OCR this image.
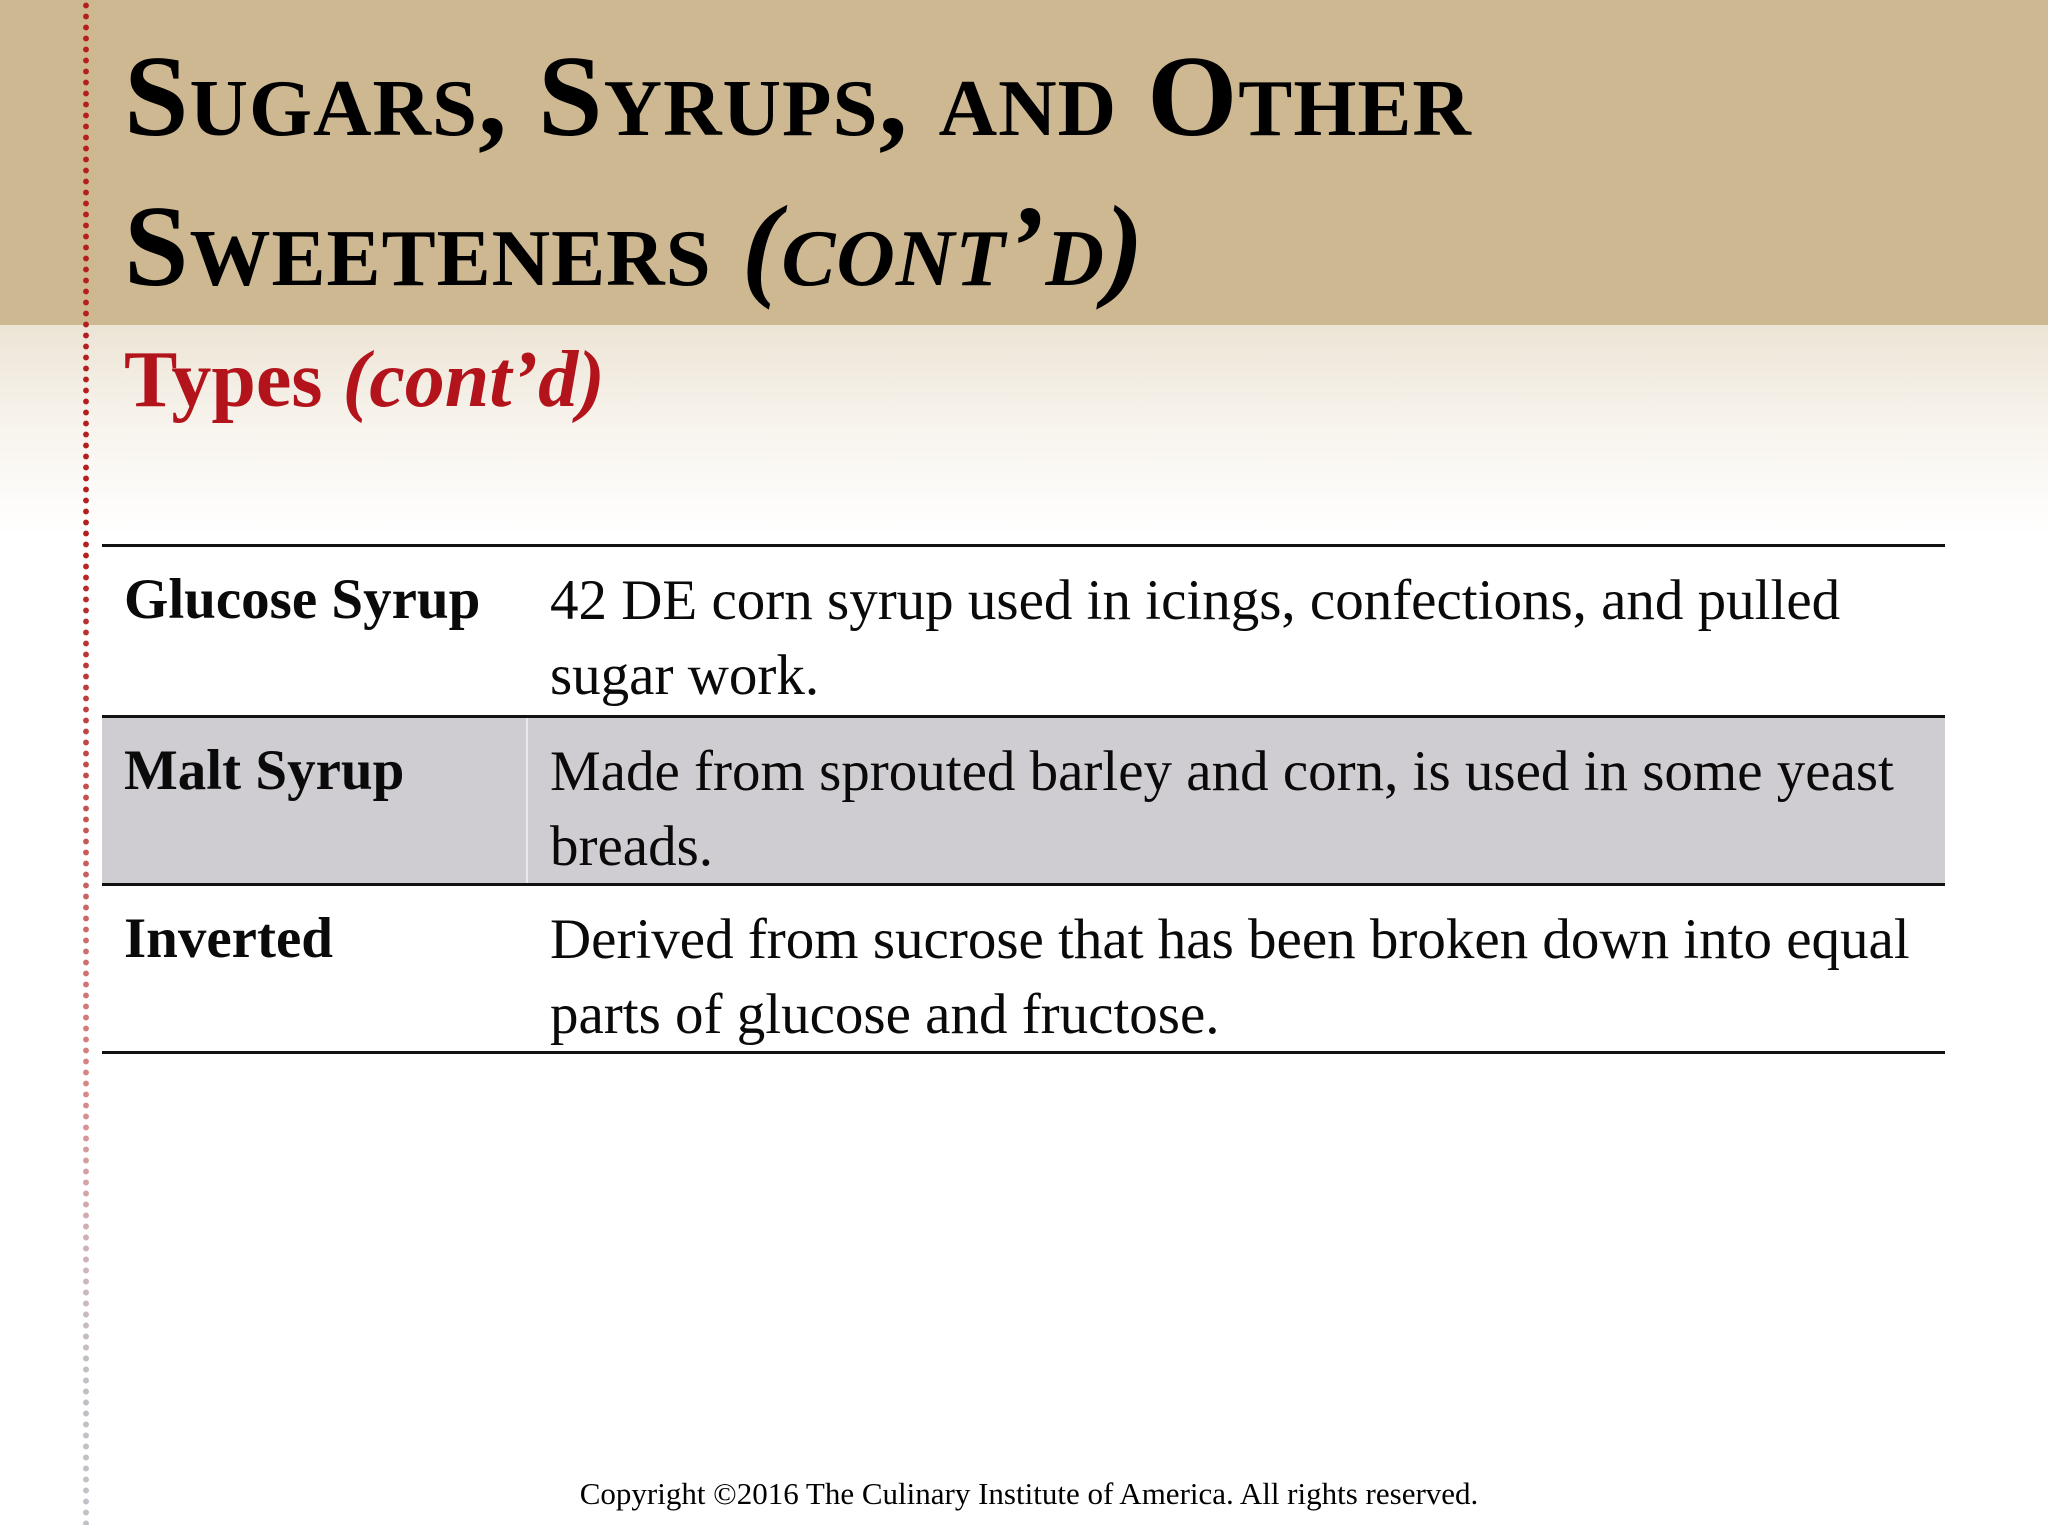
Sugars, Syrups, and Other
Sweeteners (cont’d)
Types (cont’d)
Glucose Syrup	42 DE corn syrup used in icings, confections, and pulled sugar work.
Malt Syrup	Made from sprouted barley and corn, is used in some yeast breads.
Inverted	Derived from sucrose that has been broken down into equal parts of glucose and fructose.
Copyright ©2016 The Culinary Institute of America. All rights reserved.
